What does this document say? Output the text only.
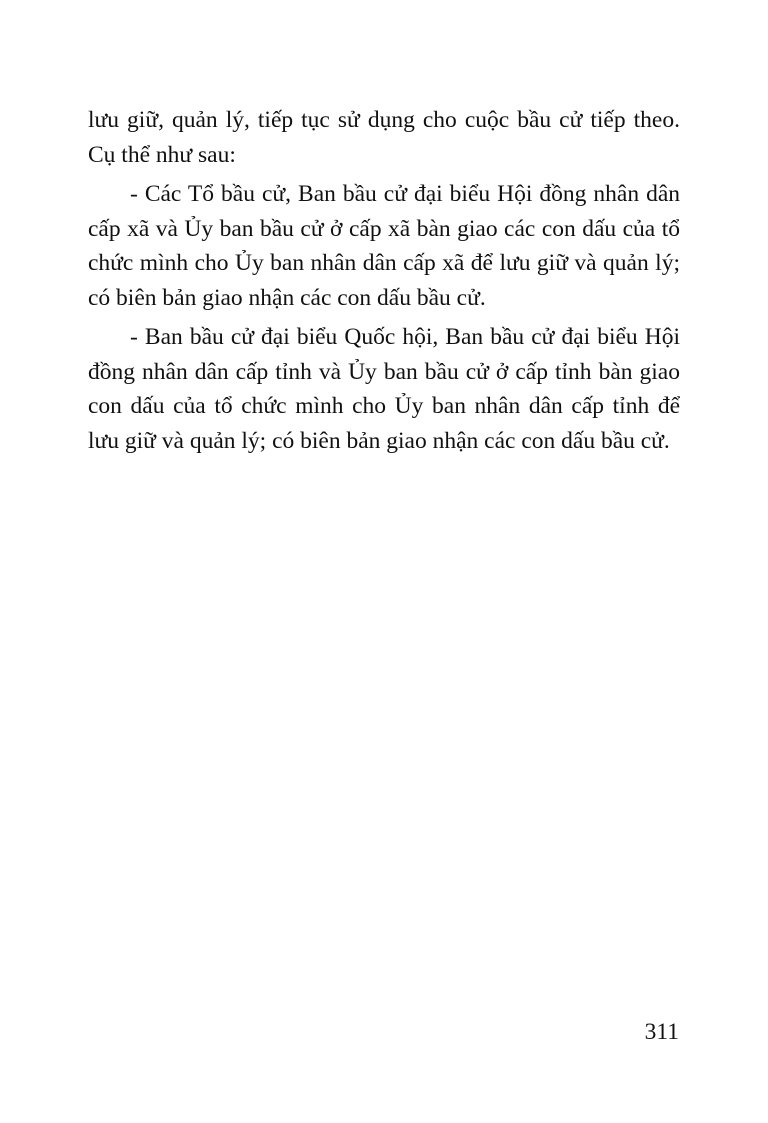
lưu giữ, quản lý, tiếp tục sử dụng cho cuộc bầu cử tiếp theo. Cụ thể như sau:

- Các Tổ bầu cử, Ban bầu cử đại biểu Hội đồng nhân dân cấp xã và Ủy ban bầu cử ở cấp xã bàn giao các con dấu của tổ chức mình cho Ủy ban nhân dân cấp xã để lưu giữ và quản lý; có biên bản giao nhận các con dấu bầu cử.

- Ban bầu cử đại biểu Quốc hội, Ban bầu cử đại biểu Hội đồng nhân dân cấp tỉnh và Ủy ban bầu cử ở cấp tỉnh bàn giao con dấu của tổ chức mình cho Ủy ban nhân dân cấp tỉnh để lưu giữ và quản lý; có biên bản giao nhận các con dấu bầu cử.

311
